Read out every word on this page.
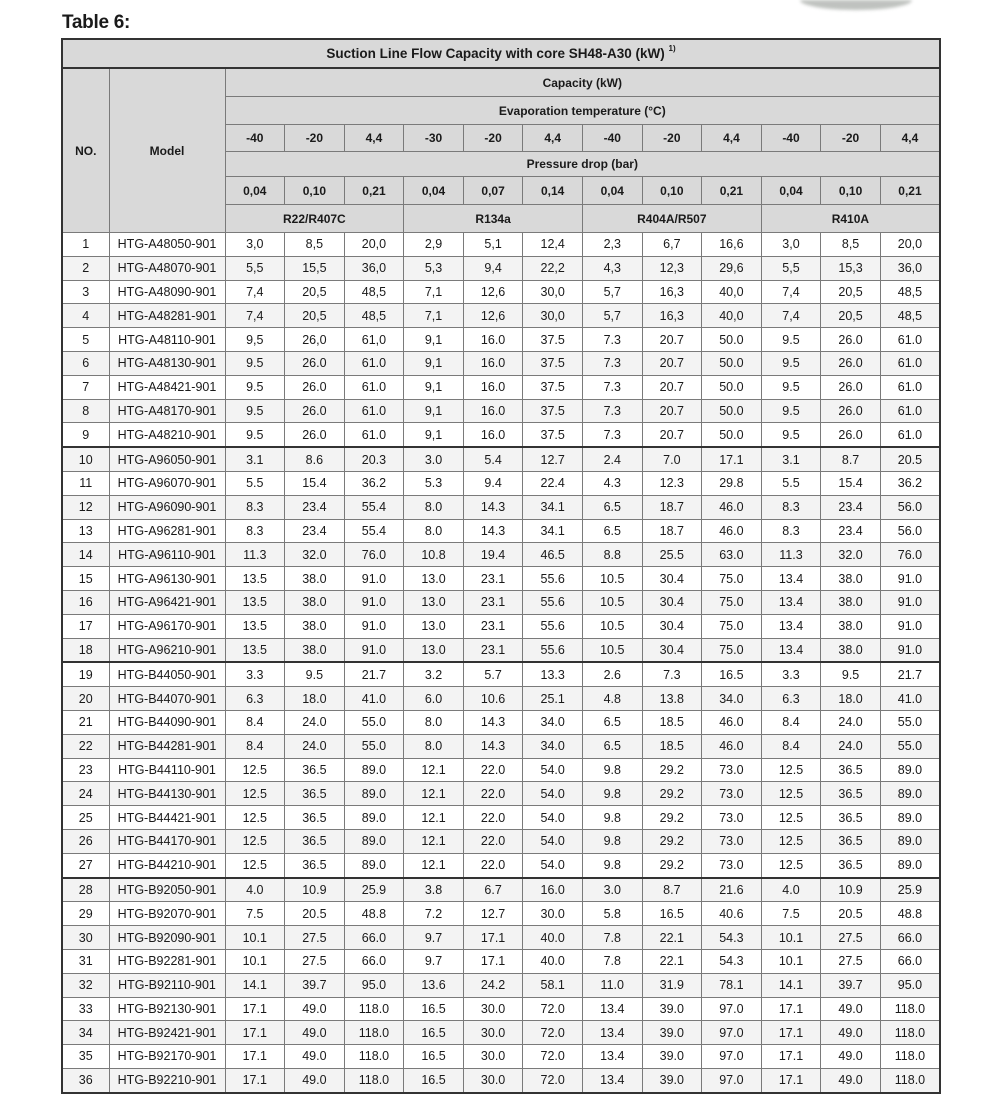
Table 6:
Suction Line Flow Capacity with core SH48-A30 (kW) $^{1)}$
NO.	Model	Capacity (kW)											
		Evaporation temperature (°C)											
		-40	-20	4,4	-30	-20	4,4	-40	-20	4,4	-40	-20	4,4
		Pressure drop (bar)											
		0,04	0,10	0,21	0,04	0,07	0,14	0,04	0,10	0,21	0,04	0,10	0,21
		R22/R407C			R134a			R404A/R507			R410A		
1	HTG-A48050-901	3,0	8,5	20,0	2,9	5,1	12,4	2,3	6,7	16,6	3,0	8,5	20,0
2	HTG-A48070-901	5,5	15,5	36,0	5,3	9,4	22,2	4,3	12,3	29,6	5,5	15,3	36,0
3	HTG-A48090-901	7,4	20,5	48,5	7,1	12,6	30,0	5,7	16,3	40,0	7,4	20,5	48,5
4	HTG-A48281-901	7,4	20,5	48,5	7,1	12,6	30,0	5,7	16,3	40,0	7,4	20,5	48,5
5	HTG-A48110-901	9,5	26,0	61,0	9,1	16.0	37.5	7.3	20.7	50.0	9.5	26.0	61.0
6	HTG-A48130-901	9.5	26.0	61.0	9,1	16.0	37.5	7.3	20.7	50.0	9.5	26.0	61.0
7	HTG-A48421-901	9.5	26.0	61.0	9,1	16.0	37.5	7.3	20.7	50.0	9.5	26.0	61.0
8	HTG-A48170-901	9.5	26.0	61.0	9,1	16.0	37.5	7.3	20.7	50.0	9.5	26.0	61.0
9	HTG-A48210-901	9.5	26.0	61.0	9,1	16.0	37.5	7.3	20.7	50.0	9.5	26.0	61.0
10	HTG-A96050-901	3.1	8.6	20.3	3.0	5.4	12.7	2.4	7.0	17.1	3.1	8.7	20.5
11	HTG-A96070-901	5.5	15.4	36.2	5.3	9.4	22.4	4.3	12.3	29.8	5.5	15.4	36.2
12	HTG-A96090-901	8.3	23.4	55.4	8.0	14.3	34.1	6.5	18.7	46.0	8.3	23.4	56.0
13	HTG-A96281-901	8.3	23.4	55.4	8.0	14.3	34.1	6.5	18.7	46.0	8.3	23.4	56.0
14	HTG-A96110-901	11.3	32.0	76.0	10.8	19.4	46.5	8.8	25.5	63.0	11.3	32.0	76.0
15	HTG-A96130-901	13.5	38.0	91.0	13.0	23.1	55.6	10.5	30.4	75.0	13.4	38.0	91.0
16	HTG-A96421-901	13.5	38.0	91.0	13.0	23.1	55.6	10.5	30.4	75.0	13.4	38.0	91.0
17	HTG-A96170-901	13.5	38.0	91.0	13.0	23.1	55.6	10.5	30.4	75.0	13.4	38.0	91.0
18	HTG-A96210-901	13.5	38.0	91.0	13.0	23.1	55.6	10.5	30.4	75.0	13.4	38.0	91.0
19	HTG-B44050-901	3.3	9.5	21.7	3.2	5.7	13.3	2.6	7.3	16.5	3.3	9.5	21.7
20	HTG-B44070-901	6.3	18.0	41.0	6.0	10.6	25.1	4.8	13.8	34.0	6.3	18.0	41.0
21	HTG-B44090-901	8.4	24.0	55.0	8.0	14.3	34.0	6.5	18.5	46.0	8.4	24.0	55.0
22	HTG-B44281-901	8.4	24.0	55.0	8.0	14.3	34.0	6.5	18.5	46.0	8.4	24.0	55.0
23	HTG-B44110-901	12.5	36.5	89.0	12.1	22.0	54.0	9.8	29.2	73.0	12.5	36.5	89.0
24	HTG-B44130-901	12.5	36.5	89.0	12.1	22.0	54.0	9.8	29.2	73.0	12.5	36.5	89.0
25	HTG-B44421-901	12.5	36.5	89.0	12.1	22.0	54.0	9.8	29.2	73.0	12.5	36.5	89.0
26	HTG-B44170-901	12.5	36.5	89.0	12.1	22.0	54.0	9.8	29.2	73.0	12.5	36.5	89.0
27	HTG-B44210-901	12.5	36.5	89.0	12.1	22.0	54.0	9.8	29.2	73.0	12.5	36.5	89.0
28	HTG-B92050-901	4.0	10.9	25.9	3.8	6.7	16.0	3.0	8.7	21.6	4.0	10.9	25.9
29	HTG-B92070-901	7.5	20.5	48.8	7.2	12.7	30.0	5.8	16.5	40.6	7.5	20.5	48.8
30	HTG-B92090-901	10.1	27.5	66.0	9.7	17.1	40.0	7.8	22.1	54.3	10.1	27.5	66.0
31	HTG-B92281-901	10.1	27.5	66.0	9.7	17.1	40.0	7.8	22.1	54.3	10.1	27.5	66.0
32	HTG-B92110-901	14.1	39.7	95.0	13.6	24.2	58.1	11.0	31.9	78.1	14.1	39.7	95.0
33	HTG-B92130-901	17.1	49.0	118.0	16.5	30.0	72.0	13.4	39.0	97.0	17.1	49.0	118.0
34	HTG-B92421-901	17.1	49.0	118.0	16.5	30.0	72.0	13.4	39.0	97.0	17.1	49.0	118.0
35	HTG-B92170-901	17.1	49.0	118.0	16.5	30.0	72.0	13.4	39.0	97.0	17.1	49.0	118.0
36	HTG-B92210-901	17.1	49.0	118.0	16.5	30.0	72.0	13.4	39.0	97.0	17.1	49.0	118.0
